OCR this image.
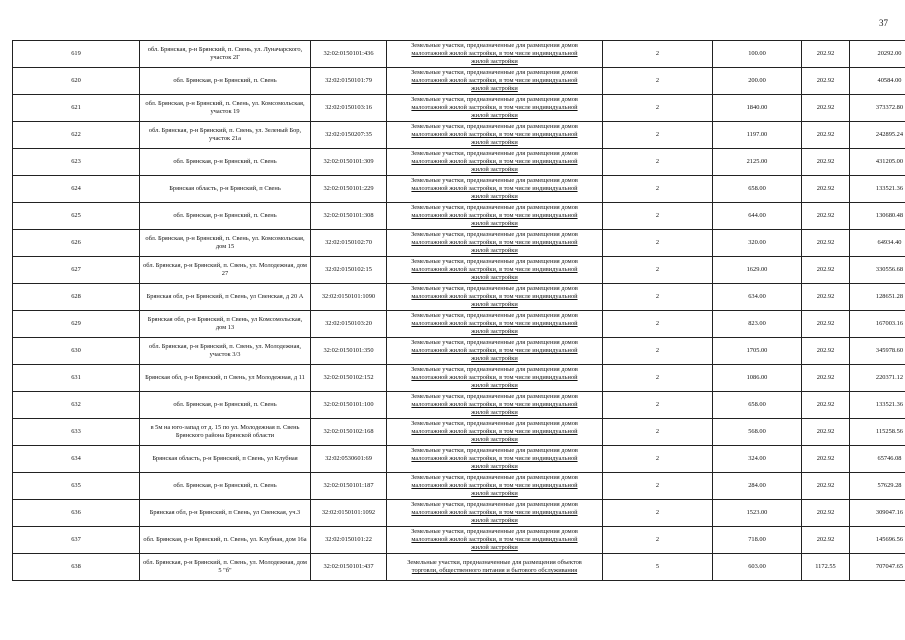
37
619	обл. Брянская, р-н Брянский, п. Свень, ул. Луначарского, участок 2Г	32:02:0150101:436	Земельные участки, предназначенные для размещения домов
малоэтажной жилой застройки, в том числе индивидуальной
жилой застройки	2	100.00	202.92	20292.00
620	обл. Брянская, р-н Брянский, п. Свень	32:02:0150101:79	Земельные участки, предназначенные для размещения домов
малоэтажной жилой застройки, в том числе индивидуальной
жилой застройки	2	200.00	202.92	40584.00
621	обл. Брянская, р-н Брянский, п. Свень, ул. Комсомольская, участок 19	32:02:0150103:16	Земельные участки, предназначенные для размещения домов
малоэтажной жилой застройки, в том числе индивидуальной
жилой застройки	2	1840.00	202.92	373372.80
622	обл. Брянская, р-н Брянский, п. Свень, ул. Зеленый Бор, участок 21а	32:02:0150207:35	Земельные участки, предназначенные для размещения домов
малоэтажной жилой застройки, в том числе индивидуальной
жилой застройки	2	1197.00	202.92	242895.24
623	обл. Брянская, р-н Брянский, п. Свень	32:02:0150101:309	Земельные участки, предназначенные для размещения домов
малоэтажной жилой застройки, в том числе индивидуальной
жилой застройки	2	2125.00	202.92	431205.00
624	Брянская область, р-н Брянский, п Свень	32:02:0150101:229	Земельные участки, предназначенные для размещения домов
малоэтажной жилой застройки, в том числе индивидуальной
жилой застройки	2	658.00	202.92	133521.36
625	обл. Брянская, р-н Брянский, п. Свень	32:02:0150101:308	Земельные участки, предназначенные для размещения домов
малоэтажной жилой застройки, в том числе индивидуальной
жилой застройки	2	644.00	202.92	130680.48
626	обл. Брянская, р-н Брянский, п. Свень, ул. Комсомольская, дом 15	32:02:0150102:70	Земельные участки, предназначенные для размещения домов
малоэтажной жилой застройки, в том числе индивидуальной
жилой застройки	2	320.00	202.92	64934.40
627	обл. Брянская, р-н Брянский, п. Свень, ул. Молодежная, дом 27	32:02:0150102:15	Земельные участки, предназначенные для размещения домов
малоэтажной жилой застройки, в том числе индивидуальной
жилой застройки	2	1629.00	202.92	330556.68
628	Брянская обл, р-н Брянский, п Свень, ул Свенская, д 20 А	32:02:0150101:1090	Земельные участки, предназначенные для размещения домов
малоэтажной жилой застройки, в том числе индивидуальной
жилой застройки	2	634.00	202.92	128651.28
629	Брянская обл, р-н Брянский, п Свень, ул Комсомольская, дом 13	32:02:0150103:20	Земельные участки, предназначенные для размещения домов
малоэтажной жилой застройки, в том числе индивидуальной
жилой застройки	2	823.00	202.92	167003.16
630	обл. Брянская, р-н Брянский, п. Свень, ул. Молодежная, участок 3/3	32:02:0150101:350	Земельные участки, предназначенные для размещения домов
малоэтажной жилой застройки, в том числе индивидуальной
жилой застройки	2	1705.00	202.92	345978.60
631	Брянская обл, р-н Брянский, п Свень, ул Молодежная, д 11	32:02:0150102:152	Земельные участки, предназначенные для размещения домов
малоэтажной жилой застройки, в том числе индивидуальной
жилой застройки	2	1086.00	202.92	220371.12
632	обл. Брянская, р-н Брянский, п. Свень	32:02:0150101:100	Земельные участки, предназначенные для размещения домов
малоэтажной жилой застройки, в том числе индивидуальной
жилой застройки	2	658.00	202.92	133521.36
633	в 5м на юго-запад от д. 15 по ул. Молодежная п. Свень Брянского района Брянской области	32:02:0150102:168	Земельные участки, предназначенные для размещения домов
малоэтажной жилой застройки, в том числе индивидуальной
жилой застройки	2	568.00	202.92	115258.56
634	Брянская область, р-н Брянский, п Свень, ул Клубная	32:02:0530601:69	Земельные участки, предназначенные для размещения домов
малоэтажной жилой застройки, в том числе индивидуальной
жилой застройки	2	324.00	202.92	65746.08
635	обл. Брянская, р-н Брянский, п. Свень	32:02:0150101:187	Земельные участки, предназначенные для размещения домов
малоэтажной жилой застройки, в том числе индивидуальной
жилой застройки	2	284.00	202.92	57629.28
636	Брянская обл, р-н Брянский, п Свень, ул Свенская, уч.3	32:02:0150101:1092	Земельные участки, предназначенные для размещения домов
малоэтажной жилой застройки, в том числе индивидуальной
жилой застройки	2	1523.00	202.92	309047.16
637	обл. Брянская, р-н Брянский, п. Свень, ул. Клубная, дом 16а	32:02:0150101:22	Земельные участки, предназначенные для размещения домов
малоэтажной жилой застройки, в том числе индивидуальной
жилой застройки	2	718.00	202.92	145696.56
638	обл. Брянская, р-н Брянский, п. Свень, ул. Молодежная, дом 5 "б"	32:02:0150101:437	Земельные участки, предназначенные для размещения объектов
торговли, общественного питания и бытового обслуживания	5	603.00	1172.55	707047.65
